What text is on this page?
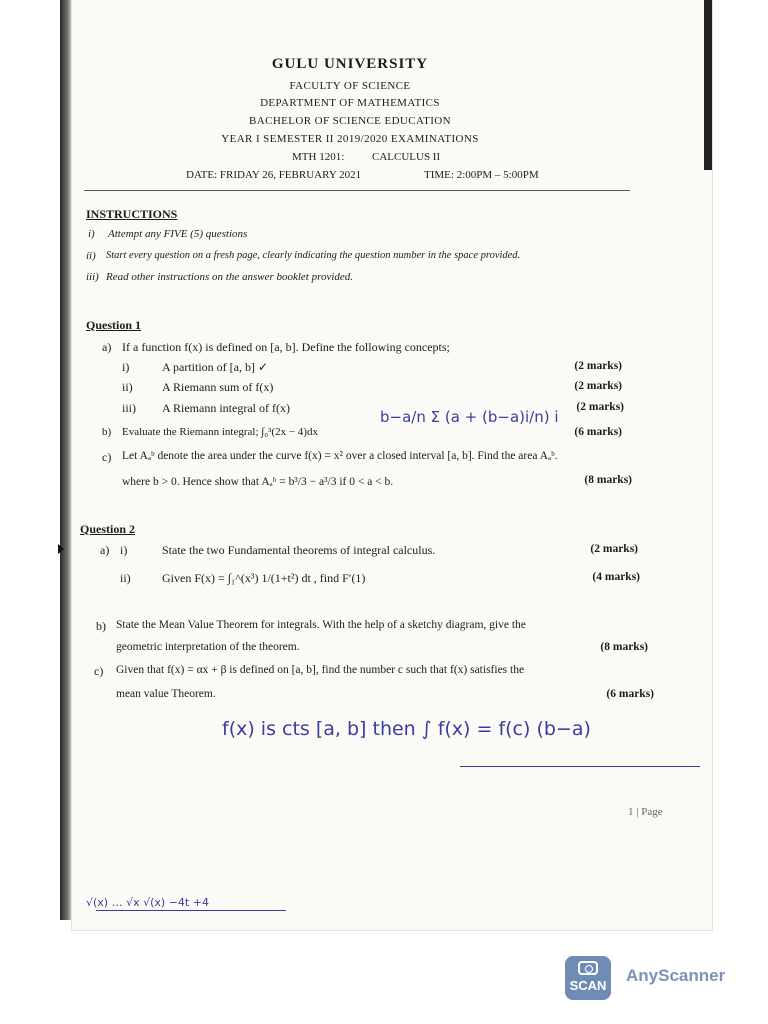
GULU UNIVERSITY
FACULTY OF SCIENCE
DEPARTMENT OF MATHEMATICS
BACHELOR OF SCIENCE EDUCATION
YEAR I SEMESTER II 2019/2020 EXAMINATIONS
MTH 1201:	CALCULUS II
DATE: FRIDAY 26, FEBRUARY 2021	TIME: 2:00PM – 5:00PM
INSTRUCTIONS
i) Attempt any FIVE (5) questions
ii) Start every question on a fresh page, clearly indicating the question number in the space provided.
iii) Read other instructions on the answer booklet provided.
Question 1
a) If a function f(x) is defined on [a, b]. Define the following concepts;
i)	A partition of [a, b] ✓	(2 marks)
ii) A Riemann sum of f(x)	(2 marks)
iii) A Riemann integral of f(x)	(2 marks)
b) Evaluate the Riemann integral; ∫₀³(2x − 4)dx	(6 marks)
c) Let Aₐᵇ denote the area under the curve f(x) = x² over a closed interval [a, b]. Find the area Aₐᵇ.
where b > 0. Hence show that Aₐᵇ = b³/3 − a³/3 if 0 < a < b.	(8 marks)
b−a/n Σ (a + (b−a)i/n) i
Question 2
a) i)	State the two Fundamental theorems of integral calculus.	(2 marks)
ii)	Given F(x) = ∫₁^(x³) 1/(1+t²) dt , find F′(1)	(4 marks)
b) State the Mean Value Theorem for integrals. With the help of a sketchy diagram, give the
geometric interpretation of the theorem.	(8 marks)
c) Given that f(x) = αx + β is defined on [a, b], find the number c such that f(x) satisfies the
mean value Theorem.	(6 marks)
f(x) is cts [a, b] then ∫ f(x) = f(c) (b−a)
1 | Page
√(x) … √x √(x) −4t +4
SCAN
AnyScanner
